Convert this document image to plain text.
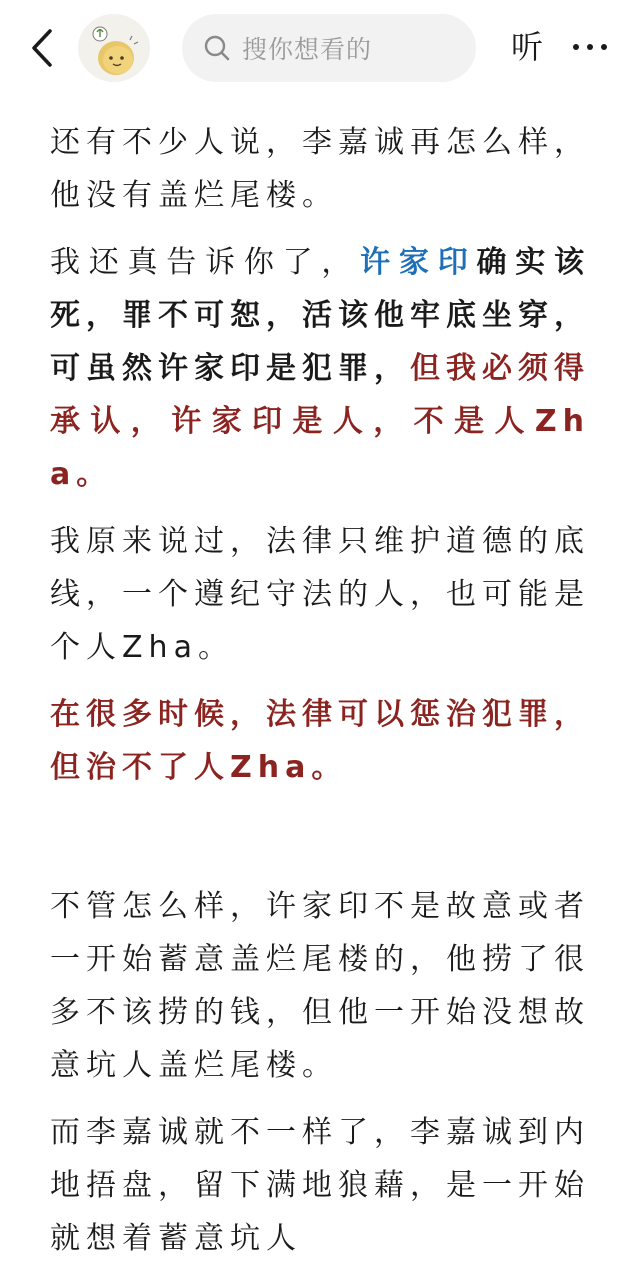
搜你想看的	听

还有不少人说，李嘉诚再怎么样，他没有盖烂尾楼。

我还真告诉你了，许家印确实该死，罪不可恕，活该他牢底坐穿，可虽然许家印是犯罪，但我必须得承认，许家印是人，不是人Zha。

我原来说过，法律只维护道德的底线，一个遵纪守法的人，也可能是个人Zha。

在很多时候，法律可以惩治犯罪，但治不了人Zha。

不管怎么样，许家印不是故意或者一开始蓄意盖烂尾楼的，他捞了很多不该捞的钱，但他一开始没想故意坑人盖烂尾楼。

而李嘉诚就不一样了，李嘉诚到内地捂盘，留下满地狼藉，是一开始就想着蓄意坑人
